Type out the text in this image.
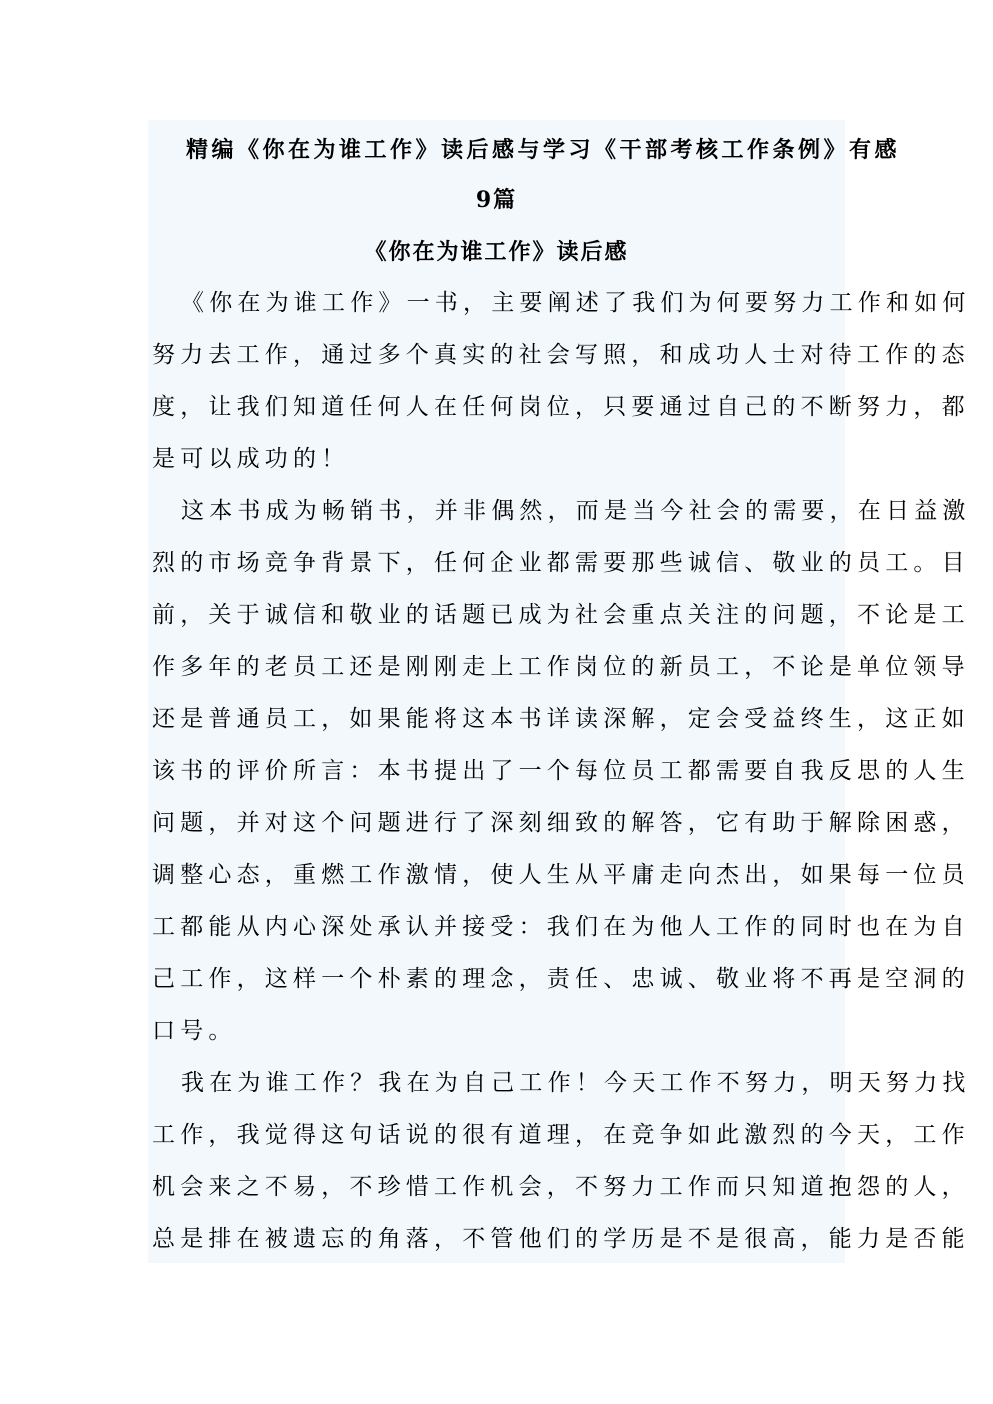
精编《你在为谁工作》读后感与学习《干部考核工作条例》有感
9篇
《你在为谁工作》读后感
《你在为谁工作》一书，主要阐述了我们为何要努力工作和如何
努力去工作，通过多个真实的社会写照，和成功人士对待工作的态
度，让我们知道任何人在任何岗位，只要通过自己的不断努力，都
是可以成功的！
这本书成为畅销书，并非偶然，而是当今社会的需要，在日益激
烈的市场竞争背景下，任何企业都需要那些诚信、敬业的员工。目
前，关于诚信和敬业的话题已成为社会重点关注的问题，不论是工
作多年的老员工还是刚刚走上工作岗位的新员工，不论是单位领导
还是普通员工，如果能将这本书详读深解，定会受益终生，这正如
该书的评价所言：本书提出了一个每位员工都需要自我反思的人生
问题，并对这个问题进行了深刻细致的解答，它有助于解除困惑，
调整心态，重燃工作激情，使人生从平庸走向杰出，如果每一位员
工都能从内心深处承认并接受：我们在为他人工作的同时也在为自
己工作，这样一个朴素的理念，责任、忠诚、敬业将不再是空洞的
口号。
我在为谁工作？我在为自己工作！今天工作不努力，明天努力找
工作，我觉得这句话说的很有道理，在竞争如此激烈的今天，工作
机会来之不易，不珍惜工作机会，不努力工作而只知道抱怨的人，
总是排在被遗忘的角落，不管他们的学历是不是很高，能力是否能
